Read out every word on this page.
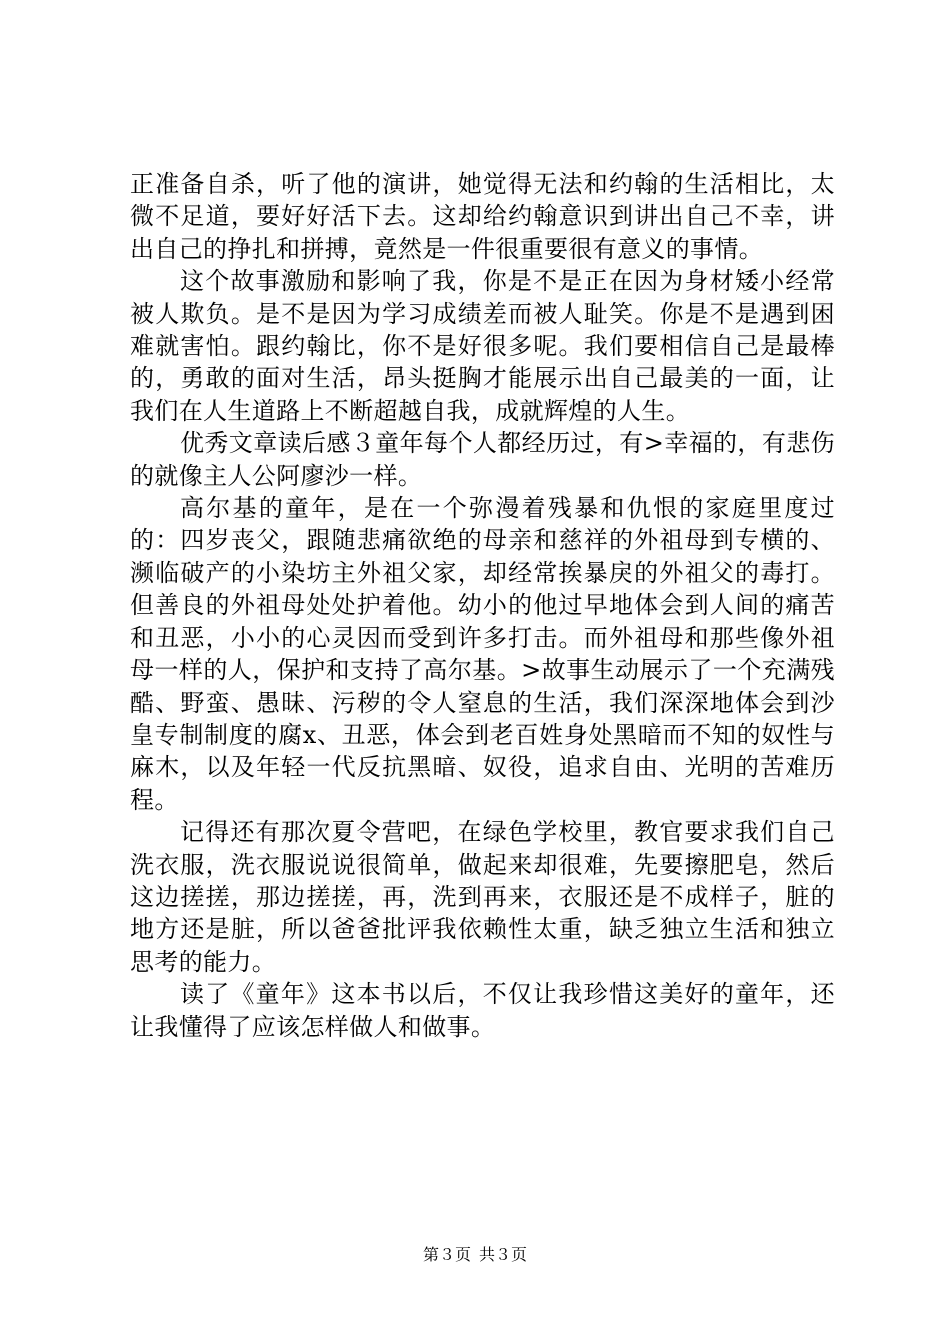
正准备自杀，听了他的演讲，她觉得无法和约翰的生活相比，太微不足道，要好好活下去。这却给约翰意识到讲出自己不幸，讲出自己的挣扎和拼搏，竟然是一件很重要很有意义的事情。

这个故事激励和影响了我，你是不是正在因为身材矮小经常被人欺负。是不是因为学习成绩差而被人耻笑。你是不是遇到困难就害怕。跟约翰比，你不是好很多呢。我们要相信自己是最棒的，勇敢的面对生活，昂头挺胸才能展示出自己最美的一面，让我们在人生道路上不断超越自我，成就辉煌的人生。

优秀文章读后感３童年每个人都经历过，有>幸福的，有悲伤的就像主人公阿廖沙一样。

高尔基的童年，是在一个弥漫着残暴和仇恨的家庭里度过的：四岁丧父，跟随悲痛欲绝的母亲和慈祥的外祖母到专横的、濒临破产的小染坊主外祖父家，却经常挨暴戾的外祖父的毒打。但善良的外祖母处处护着他。幼小的他过早地体会到人间的痛苦和丑恶，小小的心灵因而受到许多打击。而外祖母和那些像外祖母一样的人，保护和支持了高尔基。>故事生动展示了一个充满残酷、野蛮、愚昧、污秽的令人窒息的生活，我们深深地体会到沙皇专制制度的腐x、丑恶，体会到老百姓身处黑暗而不知的奴性与麻木，以及年轻一代反抗黑暗、奴役，追求自由、光明的苦难历程。

记得还有那次夏令营吧，在绿色学校里，教官要求我们自己洗衣服，洗衣服说说很简单，做起来却很难，先要擦肥皂，然后这边搓搓，那边搓搓，再，洗到再来，衣服还是不成样子，脏的地方还是脏，所以爸爸批评我依赖性太重，缺乏独立生活和独立思考的能力。

读了《童年》这本书以后，不仅让我珍惜这美好的童年，还让我懂得了应该怎样做人和做事。

第３页 共３页
